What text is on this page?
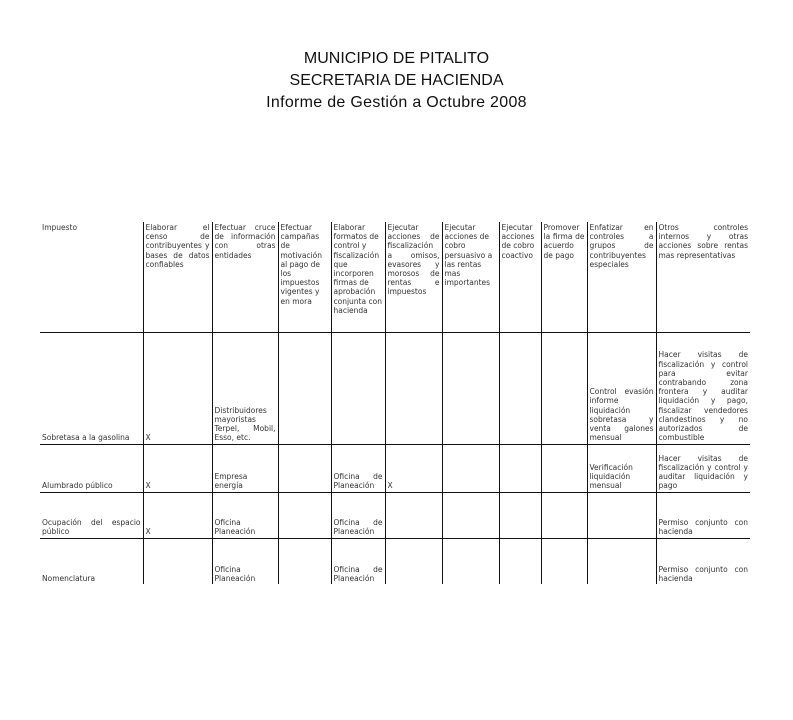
MUNICIPIO DE PITALITO
SECRETARIA DE HACIENDA
Informe de Gestión a Octubre 2008
Impuesto	Elaborar el censo de contribuyentes y bases de datos confiables	Efectuar cruce de información con otras entidades	Efectuar campañas de motivación al pago de los impuestos vigentes y en mora	Elaborar formatos de control y fiscalización que incorporen firmas de aprobación conjunta con hacienda	Ejecutar acciones de fiscalización a omisos, evasores y morosos de rentas e impuestos	Ejecutar acciones de cobro persuasivo a las rentas mas importantes	Ejecutar acciones de cobro coactivo	Promover la firma de acuerdo de pago	Enfatizar en controles a grupos de contribuyentes especiales	Otros controles internos y otras acciones sobre rentas mas representativas
Sobretasa a la gasolina	X	Distribuidores mayoristas Terpel, Mobil, Esso, etc.							Control evasión informe liquidación sobretasa y venta galones mensual	Hacer visitas de fiscalización y control para evitar contrabando zona frontera y auditar liquidación y pago, fiscalizar vendedores clandestinos y no autorizados de combustible
Alumbrado público	X	Empresa energía		Oficina de Planeación	X				Verificación liquidación mensual	Hacer visitas de fiscalización y control y auditar liquidación y pago
Ocupación del espacio público	X	Oficina Planeación		Oficina de Planeación						Permiso conjunto con hacienda
Nomenclatura		Oficina Planeación		Oficina de Planeación						Permiso conjunto con hacienda
